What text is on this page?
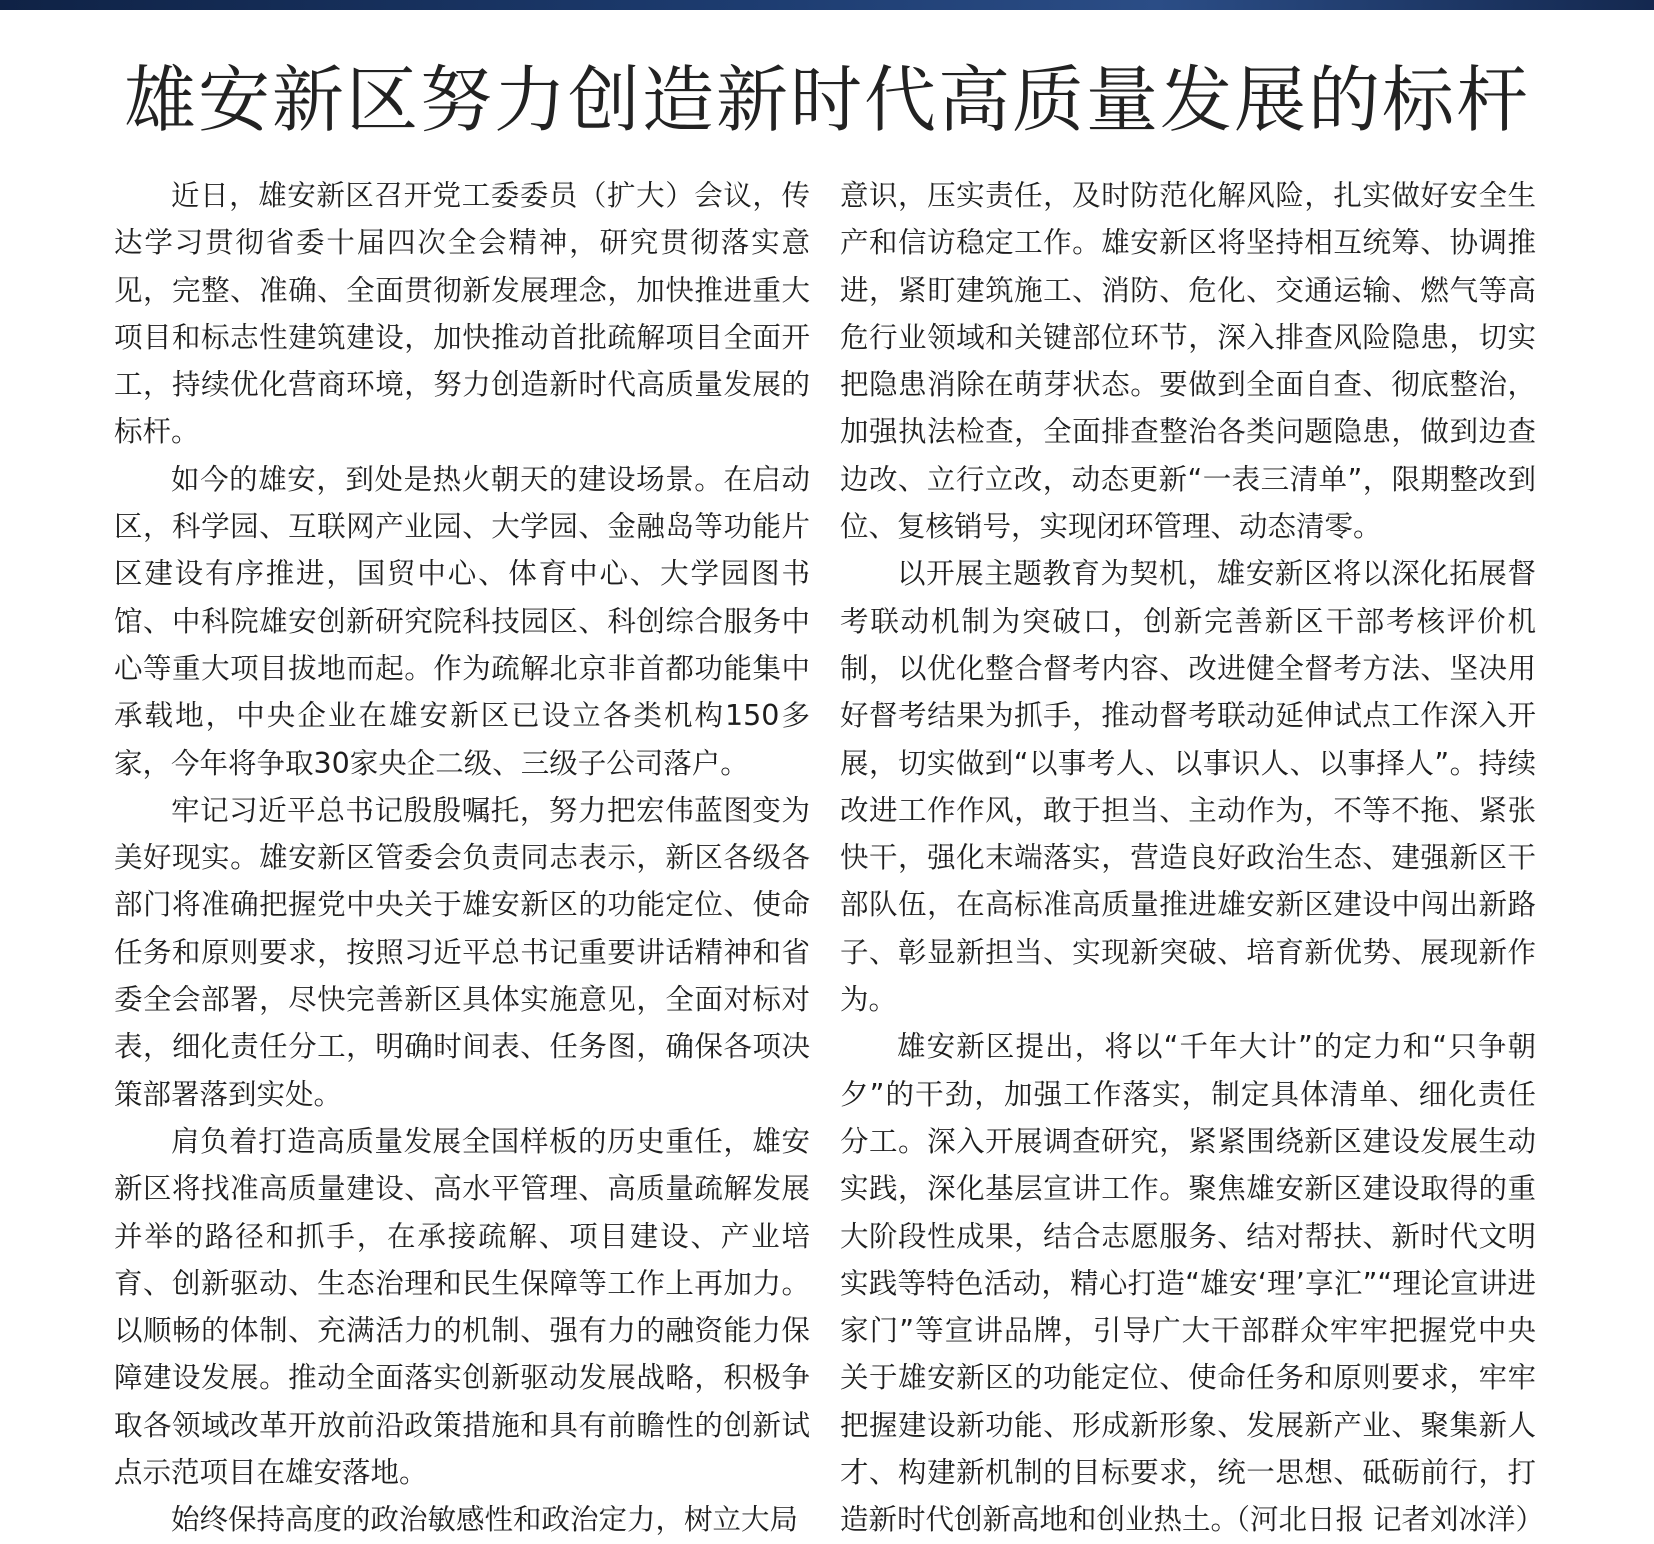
雄安新区努力创造新时代高质量发展的标杆

近日，雄安新区召开党工委委员（扩大）会议，传达学习贯彻省委十届四次全会精神，研究贯彻落实意见，完整、准确、全面贯彻新发展理念，加快推进重大项目和标志性建筑建设，加快推动首批疏解项目全面开工，持续优化营商环境，努力创造新时代高质量发展的标杆。

如今的雄安，到处是热火朝天的建设场景。在启动区，科学园、互联网产业园、大学园、金融岛等功能片区建设有序推进，国贸中心、体育中心、大学园图书馆、中科院雄安创新研究院科技园区、科创综合服务中心等重大项目拔地而起。作为疏解北京非首都功能集中承载地，中央企业在雄安新区已设立各类机构150多家，今年将争取30家央企二级、三级子公司落户。

牢记习近平总书记殷殷嘱托，努力把宏伟蓝图变为美好现实。雄安新区管委会负责同志表示，新区各级各部门将准确把握党中央关于雄安新区的功能定位、使命任务和原则要求，按照习近平总书记重要讲话精神和省委全会部署，尽快完善新区具体实施意见，全面对标对表，细化责任分工，明确时间表、任务图，确保各项决策部署落到实处。

肩负着打造高质量发展全国样板的历史重任，雄安新区将找准高质量建设、高水平管理、高质量疏解发展并举的路径和抓手，在承接疏解、项目建设、产业培育、创新驱动、生态治理和民生保障等工作上再加力。以顺畅的体制、充满活力的机制、强有力的融资能力保障建设发展。推动全面落实创新驱动发展战略，积极争取各领域改革开放前沿政策措施和具有前瞻性的创新试点示范项目在雄安落地。

始终保持高度的政治敏感性和政治定力，树立大局

意识，压实责任，及时防范化解风险，扎实做好安全生产和信访稳定工作。雄安新区将坚持相互统筹、协调推进，紧盯建筑施工、消防、危化、交通运输、燃气等高危行业领域和关键部位环节，深入排查风险隐患，切实把隐患消除在萌芽状态。要做到全面自查、彻底整治，加强执法检查，全面排查整治各类问题隐患，做到边查边改、立行立改，动态更新“一表三清单”，限期整改到位、复核销号，实现闭环管理、动态清零。

以开展主题教育为契机，雄安新区将以深化拓展督考联动机制为突破口，创新完善新区干部考核评价机制，以优化整合督考内容、改进健全督考方法、坚决用好督考结果为抓手，推动督考联动延伸试点工作深入开展，切实做到“以事考人、以事识人、以事择人”。持续改进工作作风，敢于担当、主动作为，不等不拖、紧张快干，强化末端落实，营造良好政治生态、建强新区干部队伍，在高标准高质量推进雄安新区建设中闯出新路子、彰显新担当、实现新突破、培育新优势、展现新作为。

雄安新区提出，将以“千年大计”的定力和“只争朝夕”的干劲，加强工作落实，制定具体清单、细化责任分工。深入开展调查研究，紧紧围绕新区建设发展生动实践，深化基层宣讲工作。聚焦雄安新区建设取得的重大阶段性成果，结合志愿服务、结对帮扶、新时代文明实践等特色活动，精心打造“雄安‘理’享汇”“理论宣讲进家门”等宣讲品牌，引导广大干部群众牢牢把握党中央关于雄安新区的功能定位、使命任务和原则要求，牢牢把握建设新功能、形成新形象、发展新产业、聚集新人才、构建新机制的目标要求，统一思想、砥砺前行，打造新时代创新高地和创业热土。

（河北日报 记者刘冰洋）
